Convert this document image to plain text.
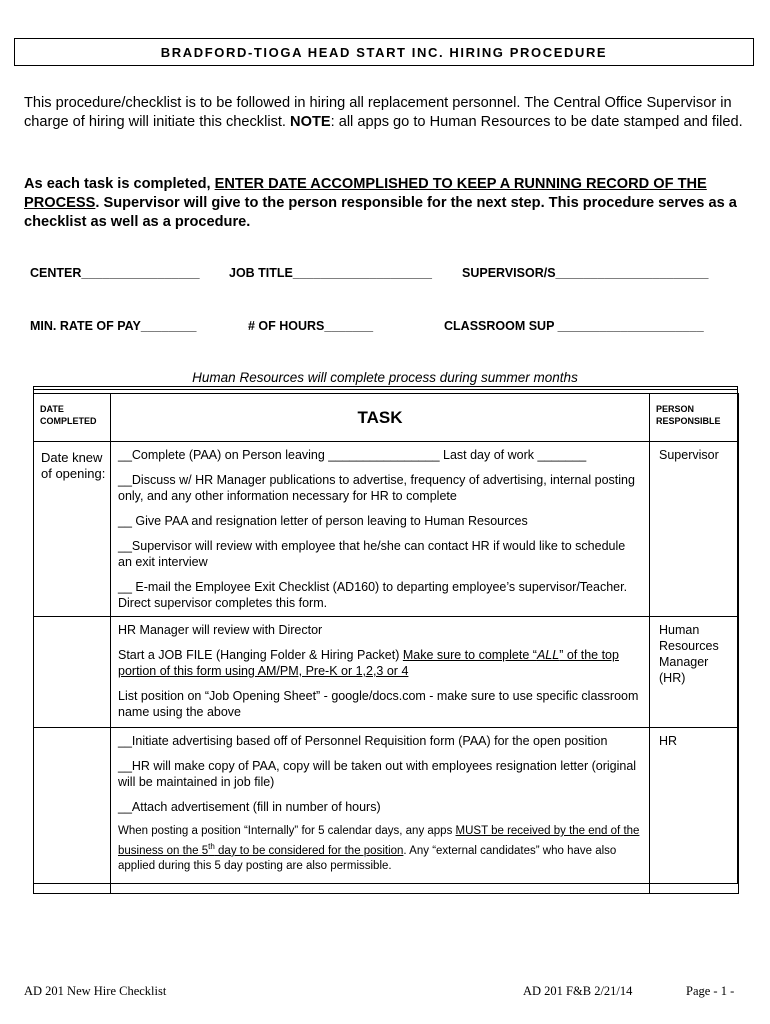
BRADFORD-TIOGA HEAD START INC. HIRING PROCEDURE
This procedure/checklist is to be followed in hiring all replacement personnel. The Central Office Supervisor in charge of hiring will initiate this checklist. NOTE: all apps go to Human Resources to be date stamped and filed.
As each task is completed, ENTER DATE ACCOMPLISHED TO KEEP A RUNNING RECORD OF THE PROCESS. Supervisor will give to the person responsible for the next step. This procedure serves as a checklist as well as a procedure.
CENTER_________________ JOB TITLE____________________ SUPERVISOR/S______________________
MIN. RATE OF PAY________	# OF HOURS_______	CLASSROOM SUP _____________________
Human Resources will complete process during summer months
DATE
COMPLETED	TASK	PERSON
RESPONSIBLE
Date knew of opening:	__Complete (PAA) on Person leaving ________________ Last day of work _______

__Discuss w/ HR Manager publications to advertise, frequency of advertising, internal posting only, and any other information necessary for HR to complete

__ Give PAA and resignation letter of person leaving to Human Resources

__Supervisor will review with employee that he/she can contact HR if would like to schedule an exit interview

__ E-mail the Employee Exit Checklist (AD160) to departing employee’s supervisor/Teacher. Direct supervisor completes this form.	Supervisor

	HR Manager will review with Director

Start a JOB FILE (Hanging Folder & Hiring Packet) Make sure to complete “ALL” of the top portion of this form using AM/PM, Pre-K or 1,2,3 or 4

List position on “Job Opening Sheet” - google/docs.com - make sure to use specific classroom name using the above	Human Resources Manager (HR)

	__Initiate advertising based off of Personnel Requisition form (PAA) for the open position

__HR will make copy of PAA, copy will be taken out with employees resignation letter (original will be maintained in job file)

__Attach advertisement (fill in number of hours)

When posting a position “Internally” for 5 calendar days, any apps MUST be received by the end of the business on the 5th day to be considered for the position. Any “external candidates” who have also applied during this 5 day posting are also permissible.	HR
AD 201 New Hire Checklist	AD 201 F&B 2/21/14	Page - 1 -
